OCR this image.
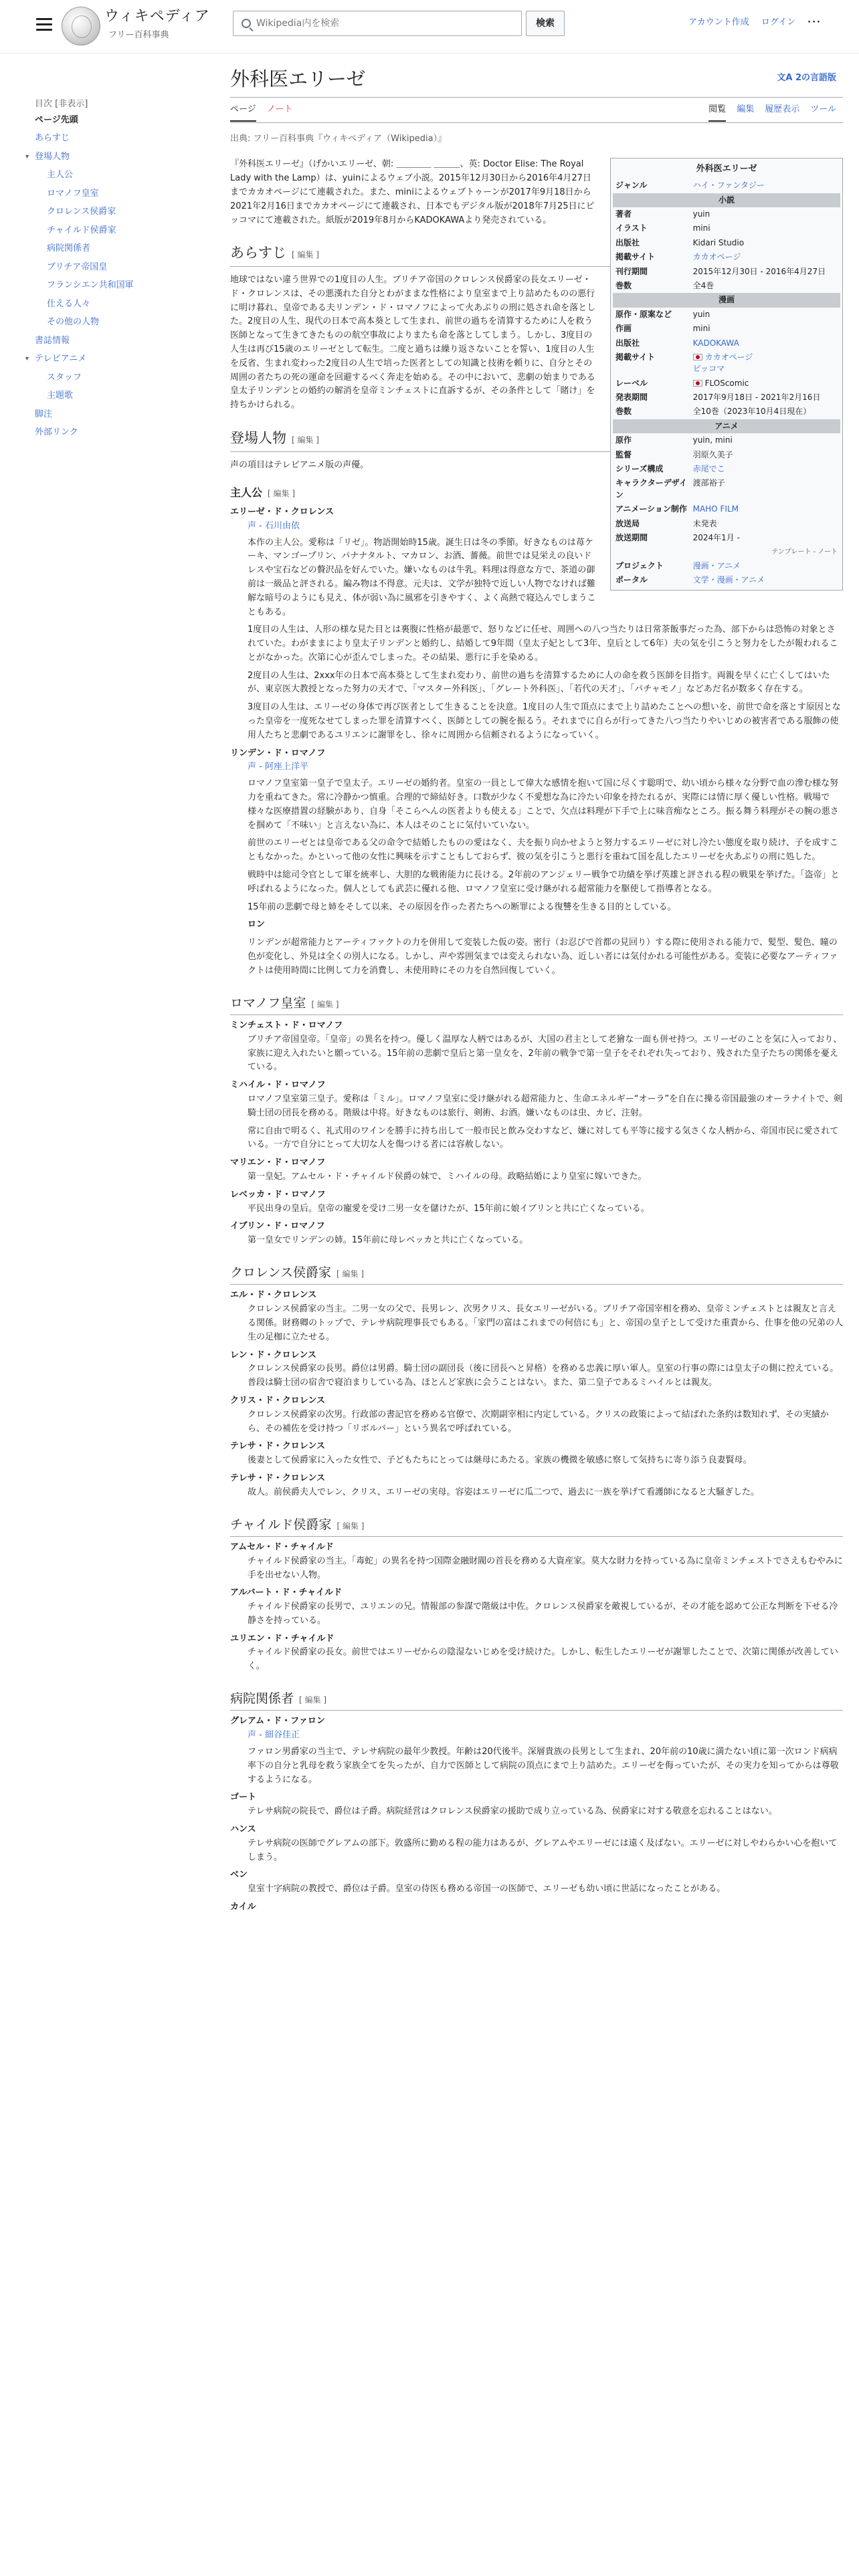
ウィキペディア
フリー百科事典
Wikipedia内を検索
検索	アカウント作成 ログイン ···
目次 [非表示]
ページ先頭
あらすじ
▾ 登場人物
主人公
ロマノフ皇室
クロレンス侯爵家
チャイルド侯爵家
病院関係者
ブリチア帝国皇
フランシエン共和国軍
仕える人々
その他の人物
書誌情報
▾ テレビアニメ
スタッフ
主題歌
脚注
外部リンク
外科医エリーゼ	文A 2の言語版
ページ ノート	閲覧 編集 履歴表示 ツール
出典: フリー百科事典『ウィキペディア（Wikipedia）』
外科医エリーゼ	
ジャンル	ハイ・ファンタジー
小説	
著者	yuin
イラスト	mini
出版社	Kidari Studio
掲載サイト	カカオページ
刊行期間	2015年12月30日 - 2016年4月27日
巻数	全4巻
漫画	
原作・原案など	yuin
作画	mini
出版社	KADOKAWA
掲載サイト	カカオページ
ピッコマ
レーベル	FLOScomic
発表期間	2017年9月18日 - 2021年2月16日
巻数	全10巻（2023年10月4日現在）
アニメ	
原作	yuin, mini
監督	羽原久美子
シリーズ構成	赤尾でこ
キャラクターデザイン	渡部裕子
アニメーション制作	MAHO FILM
放送局	未発表
放送期間	2024年1月 -
テンプレート - ノート	
プロジェクト	漫画・アニメ
ポータル	文学・漫画・アニメ

『外科医エリーゼ』（げかいエリーゼ、朝: ＿＿＿＿ ＿＿＿、英: Doctor Elise: The Royal Lady with the Lamp）は、yuinによるウェブ小説。2015年12月30日から2016年4月27日までカカオページにて連載された。また、miniによるウェブトゥーンが2017年9月18日から2021年2月16日までカカオページにて連載され、日本でもデジタル版が2018年7月25日にピッコマにて連載された。紙版が2019年8月からKADOKAWAより発売されている。

あらすじ [ 編集 ]

地球ではない違う世界での1度目の人生。ブリチア帝国のクロレンス侯爵家の長女エリーゼ・ド・クロレンスは、その悪漢れた自分とわがままな性格により皇室まで上り詰めたものの悪行に明け暮れ、皇帝である夫リンデン・ド・ロマノフによって火あぶりの刑に処され命を落とした。2度目の人生、現代の日本で高本葵として生まれ、前世の過ちを清算するために人を救う医師となって生きてきたものの航空事故によりまたも命を落としてしまう。しかし、3度目の人生は再び15歳のエリーゼとして転生。二度と過ちは繰り返さないことを誓い、1度目の人生を反省、生まれ変わった2度目の人生で培った医者としての知識と技術を頼りに、自分とその周囲の者たちの死の運命を回避するべく奔走を始める。その中において、悲劇の始まりである皇太子リンデンとの婚約の解消を皇帝ミンチェストに直訴するが、その条件として「賭け」を持ちかけられる。

登場人物 [ 編集 ]

声の項目はテレビアニメ版の声優。

主人公 [ 編集 ]
エリーゼ・ド・クロレンス
声 - 石川由依

本作の主人公。愛称は「リゼ」。物語開始時15歳。誕生日は冬の季節。好きなものは苺ケーキ、マンゴープリン、パナナタルト、マカロン、お酒、薔薇。前世では見栄えの良いドレスや宝石などの贅沢品を好んでいた。嫌いなものは牛乳。料理は得意な方で、茶道の御前は一級品と評される。編み物は不得意。元夫は、文学が独特で近しい人物でなければ難解な暗号のようにも見え、体が弱い為に風邪を引きやすく、よく高熱で寝込んでしまうこともある。

1度目の人生は、人形の様な見た目とは裏腹に性格が最悪で、怒りなどに任せ、周囲への八つ当たりは日常茶飯事だった為、部下からは恐怖の対象とされていた。わがままにより皇太子リンデンと婚約し、結婚して9年間（皇太子妃として3年、皇后として6年）夫の気を引こうと努力をしたが報われることがなかった。次第に心が歪んでしまった。その結果、悪行に手を染める。

2度目の人生は、2xxx年の日本で高本葵として生まれ変わり、前世の過ちを清算するために人の命を救う医師を目指す。両親を早くに亡くしてはいたが、東京医大教授となった努力の天才で、「マスター外科医」、「グレート外科医」、「若代の天才」、「パチャモノ」などあだ名が数多く存在する。

3度目の人生は、エリーゼの身体で再び医者として生きることを決意。1度目の人生で頂点にまで上り詰めたことへの想いを、前世で命を落とす原因となった皇帝を一度死なせてしまった罪を清算すべく、医師としての腕を振るう。それまでに自らが行ってきた八つ当たりやいじめの被害者である服飾の使用人たちと悲劇であるユリエンに謝罪をし、徐々に周囲から信頼されるようになっていく。

リンデン・ド・ロマノフ
声 - 阿座上洋平

ロマノフ皇室第一皇子で皇太子。エリーゼの婚約者。皇室の一員として偉大な感情を抱いて国に尽くす聡明で、幼い頃から様々な分野で血の滲む様な努力を重ねてきた。常に冷静かつ慎重。合理的で締結好き。口数が少なく不愛想な為に冷たい印象を持たれるが、実際には情に厚く優しい性格。戦場で様々な医療措置の経験があり、自身「そこらへんの医者よりも使える」ことで、欠点は料理が下手で上に味音痴なところ。振る舞う料理がその腕の悪さを掴めて「不味い」と言えない為に、本人はそのことに気付いていない。

前世のエリーゼとは皇帝である父の命令で結婚したものの愛はなく、夫を振り向かせようと努力するエリーゼに対し冷たい態度を取り続け、子を成すこともなかった。かといって他の女性に興味を示すこともしておらず、彼の気を引こうと悪行を重ねて国を乱したエリーゼを火あぶりの刑に処した。

戦時中は総司令官として軍を統率し、大胆的な戦術能力に長ける。2年前のアンジェリー戦争で功績を挙げ英雄と評される程の戦果を挙げた。「盗帝」と呼ばれるようになった。個人としても武芸に優れる他、ロマノフ皇室に受け継がれる超常能力を駆使して指導者となる。

15年前の悲劇で母と姉をそして以来、その原因を作った者たちへの断罪による復讐を生きる目的としている。

ロン

リンデンが超常能力とアーティファクトの力を併用して変装した仮の姿。密行（お忍びで首都の見回り）する際に使用される能力で、髪型、髪色、瞳の色が変化し、外見は全くの別人になる。しかし、声や雰囲気までは変えられない為、近しい者には気付かれる可能性がある。変装に必要なアーティファクトは使用時間に比例して力を消費し、未使用時にその力を自然回復していく。

ロマノフ皇室 [ 編集 ]
ミンチェスト・ド・ロマノフ

ブリチア帝国皇帝。「皇帝」の異名を持つ。優しく温厚な人柄ではあるが、大国の君主として老獪な一面も併せ持つ。エリーゼのことを気に入っており、家族に迎え入れたいと願っている。15年前の悲劇で皇后と第一皇女を、2年前の戦争で第一皇子をそれぞれ失っており、残された皇子たちの関係を憂えている。

ミハイル・ド・ロマノフ

ロマノフ皇室第三皇子。愛称は「ミル」。ロマノフ皇室に受け継がれる超常能力と、生命エネルギー“オーラ”を自在に操る帝国最強のオーラナイトで、剣騎士団の団長を務める。階級は中将。好きなものは旅行、剣術、お酒。嫌いなものは虫、カビ、注射。

常に自由で明るく、礼式用のワインを勝手に持ち出して一般市民と飲み交わすなど、嫌に対しても平等に接する気さくな人柄から、帝国市民に愛されている。一方で自分にとって大切な人を傷つける者には容赦しない。

マリエン・ド・ロマノフ

第一皇妃。アムセル・ド・チャイルド侯爵の妹で、ミハイルの母。政略結婚により皇室に嫁いできた。

レベッカ・ド・ロマノフ

平民出身の皇后。皇帝の寵愛を受け二男一女を儲けたが、15年前に娘イブリンと共に亡くなっている。

イブリン・ド・ロマノフ

第一皇女でリンデンの姉。15年前に母レベッカと共に亡くなっている。

クロレンス侯爵家 [ 編集 ]
エル・ド・クロレンス

クロレンス侯爵家の当主。二男一女の父で、長男レン、次男クリス、長女エリーゼがいる。ブリチア帝国宰相を務め、皇帝ミンチェストとは親友と言える関係。財務卿のトップで、テレサ病院理事長でもある。「家門の富はこれまでの何倍にも」と、帝国の皇子として受けた重責から、仕事を他の兄弟の人生の足枷に立たせる。

レン・ド・クロレンス

クロレンス侯爵家の長男。爵位は男爵。騎士団の副団長（後に団長へと昇格）を務める忠義に厚い軍人。皇室の行事の際には皇太子の側に控えている。普段は騎士団の宿舎で寝泊まりしている為、ほとんど家族に会うことはない。また、第二皇子であるミハイルとは親友。

クリス・ド・クロレンス

クロレンス侯爵家の次男。行政部の書記官を務める官僚で、次期副宰相に内定している。クリスの政策によって結ばれた条約は数知れず、その実績から、その補佐を受け持つ「リボルバー」という異名で呼ばれている。

テレサ・ド・クロレンス

後妻として侯爵家に入った女性で、子どもたちにとっては継母にあたる。家族の機微を敏感に察して気持ちに寄り添う良妻賢母。

テレサ・ド・クロレンス

故人。前侯爵夫人でレン、クリス、エリーゼの実母。容姿はエリーゼに瓜二つで、過去に一族を挙げて看護師になると大騒ぎした。

チャイルド侯爵家 [ 編集 ]
アムセル・ド・チャイルド

チャイルド侯爵家の当主。「毒蛇」の異名を持つ国際金融財閥の首長を務める大資産家。莫大な財力を持っている為に皇帝ミンチェストでさえもむやみに手を出せない人物。

アルバート・ド・チャイルド

チャイルド侯爵家の長男で、ユリエンの兄。情報部の参謀で階級は中佐。クロレンス侯爵家を敵視しているが、その才能を認めて公正な判断を下せる冷静さを持っている。

ユリエン・ド・チャイルド

チャイルド侯爵家の長女。前世ではエリーゼからの陰湿ないじめを受け続けた。しかし、転生したエリーゼが謝罪したことで、次第に関係が改善していく。

病院関係者 [ 編集 ]
グレアム・ド・ファロン
声 - 細谷佳正

ファロン男爵家の当主で、テレサ病院の最年少教授。年齢は20代後半。深層貴族の長男として生まれ、20年前の10歳に満たない頃に第一次ロンド病病率下の自分と乳母を救う家族全てを失ったが、自力で医師として病院の頂点にまで上り詰めた。エリーゼを侮っていたが、その実力を知ってからは尊敬するようになる。

ゴート

テレサ病院の院長で、爵位は子爵。病院経営はクロレンス侯爵家の援助で成り立っている為、侯爵家に対する敬意を忘れることはない。

ハンス

テレサ病院の医師でグレアムの部下。敦盛所に勤める程の能力はあるが、グレアムやエリーゼには遠く及ばない。エリーゼに対しやわらかい心を抱いてしまう。

ベン

皇室十字病院の教授で、爵位は子爵。皇室の侍医も務める帝国一の医師で、エリーゼも幼い頃に世話になったことがある。

カイル
